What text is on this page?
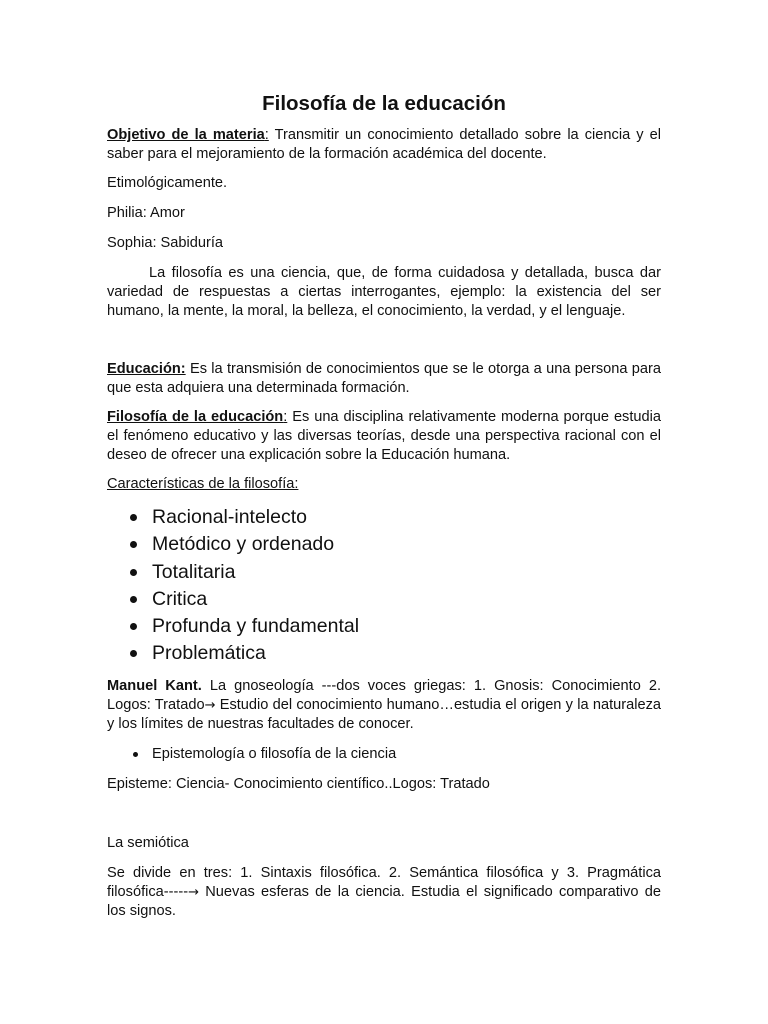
Filosofía de la educación

Objetivo de la materia: Transmitir un conocimiento detallado sobre la ciencia y el saber para el mejoramiento de la formación académica del docente.

Etimológicamente.

Philia: Amor

Sophia: Sabiduría

La filosofía es una ciencia, que, de forma cuidadosa y detallada, busca dar variedad de respuestas a ciertas interrogantes, ejemplo: la existencia del ser humano, la mente, la moral, la belleza, el conocimiento, la verdad, y el lenguaje.

Educación: Es la transmisión de conocimientos que se le otorga a una persona para que esta adquiera una determinada formación.

Filosofía de la educación: Es una disciplina relativamente moderna porque estudia el fenómeno educativo y las diversas teorías, desde una perspectiva racional con el deseo de ofrecer una explicación sobre la Educación humana.

Características de la filosofía:

Racional-intelecto
Metódico y ordenado
Totalitaria
Critica
Profunda y fundamental
Problemática

Manuel Kant. La gnoseología ---dos voces griegas: 1. Gnosis: Conocimiento 2. Logos: Tratado→ Estudio del conocimiento humano…estudia el origen y la naturaleza y los límites de nuestras facultades de conocer.

Epistemología o filosofía de la ciencia

Episteme: Ciencia- Conocimiento científico..Logos: Tratado

La semiótica

Se divide en tres: 1. Sintaxis filosófica. 2. Semántica filosófica y 3. Pragmática filosófica-----→ Nuevas esferas de la ciencia. Estudia el significado comparativo de los signos.
